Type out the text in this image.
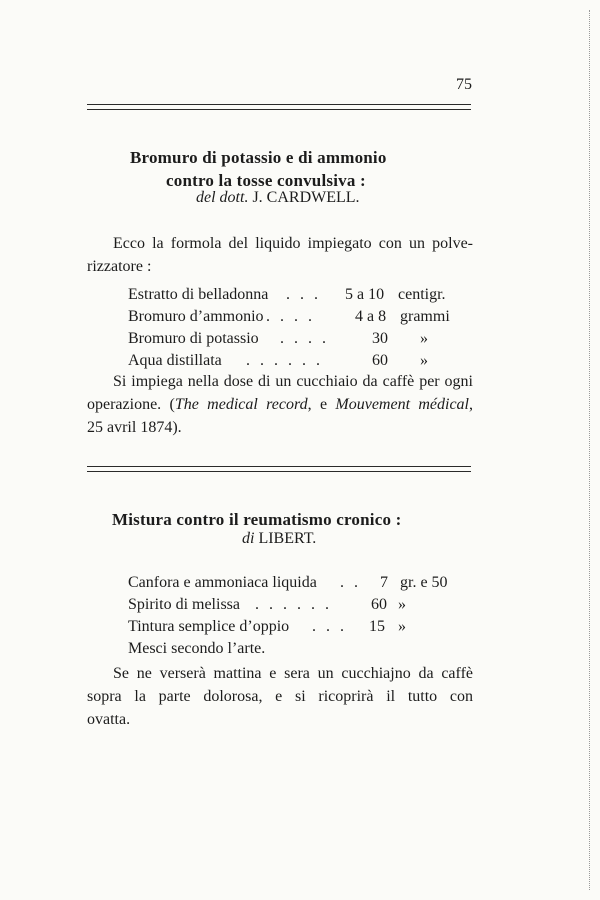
75
Bromuro di potassio e di ammonio
contro la tosse convulsiva :
del dott. J. CARDWELL.
Ecco la formola del liquido impiegato con un polve-
rizzatore :
Estratto di belladonna . . . 5 a 10 centigr.
Bromuro d’ammonio . . . .	4 a 8 grammi
Bromuro di potassio . . . .	30 »
Aqua distillata . . . . . .	60 »
Si impiega nella dose di un cucchiaio da caffè per ogni
operazione. (The medical record, e Mouvement médical,
25 avril 1874).
Mistura contro il reumatismo cronico :
di LIBERT.
Canfora e ammoniaca liquida . . 7 gr. e 50
Spirito di melissa . . . . . . 60 »
Tintura semplice d’oppio . . . 15 »
Mesci secondo l’arte.
Se ne verserà mattina e sera un cucchiajno da caffè
sopra la parte dolorosa, e si ricoprirà il tutto con
ovatta.
